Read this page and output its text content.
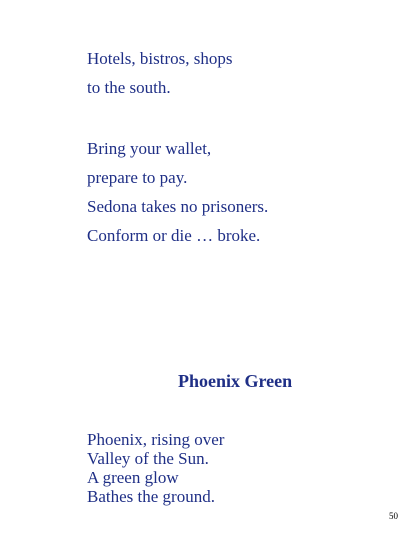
Hotels, bistros, shops

to the south.

Bring your wallet,

prepare to pay.

Sedona takes no prisoners.

Conform or die … broke.

Phoenix Green

Phoenix, rising over

Valley of the Sun.

A green glow

Bathes the ground.

50
